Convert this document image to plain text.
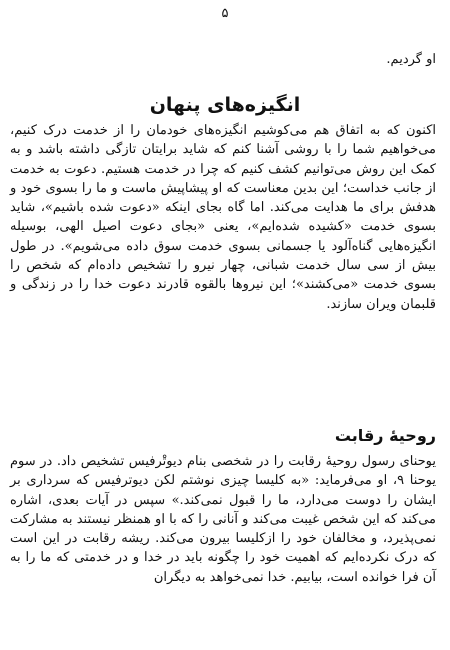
۵

او گردیم.

انگیزه‌های پنهان

اکنون که به اتفاق هم می‌کوشیم انگیزه‌های خودمان را از خدمت درک کنیم، می‌خواهیم شما را با روشی آشنا کنم که شاید برایتان تازگی داشته باشد و به کمک این روش می‌توانیم کشف کنیم که چرا در خدمت هستیم. دعوت به خدمت از جانب خداست؛ این بدین معناست که او پیشاپیش ماست و ما را بسوی خود و هدفش برای ما هدایت می‌کند. اما گاه بجای اینکه «دعوت شده باشیم»، شاید بسوی خدمت «کشیده شده‌ایم»، یعنی «بجای دعوت اصیل الهی، بوسیله انگیزه‌هایی گناه‌آلود یا جسمانی بسوی خدمت سوق داده می‌شویم». در طول بیش از سی سال خدمت شبانی، چهار نیرو را تشخیص داده‌ام که شخص را بسوی خدمت «می‌کشند»؛ این نیروها بالقوه قادرند دعوت خدا را در زندگی و قلبمان ویران سازند.

روحیهٔ رقابت

یوحنای رسول روحیهٔ رقابت را در شخصی بنام دیوتْرفیس تشخیص داد. در سوم یوحنا ۹، او می‌فرماید: «به کلیسا چیزی نوشتم لکن دیوترفیس که سرداری بر ایشان را دوست می‌دارد، ما را قبول نمی‌کند.» سپس در آیات بعدی، اشاره می‌کند که این شخص غیبت می‌کند و آنانی را که با او همنظر نیستند به مشارکت نمی‌پذیرد، و مخالفان خود را ازکلیسا بیرون می‌کند. ریشه رقابت در این است که درک نکرده‌ایم که اهمیت خود را چگونه باید در خدا و در خدمتی که ما را به آن فرا خوانده است، بیابیم. خدا نمی‌خواهد به دیگران
